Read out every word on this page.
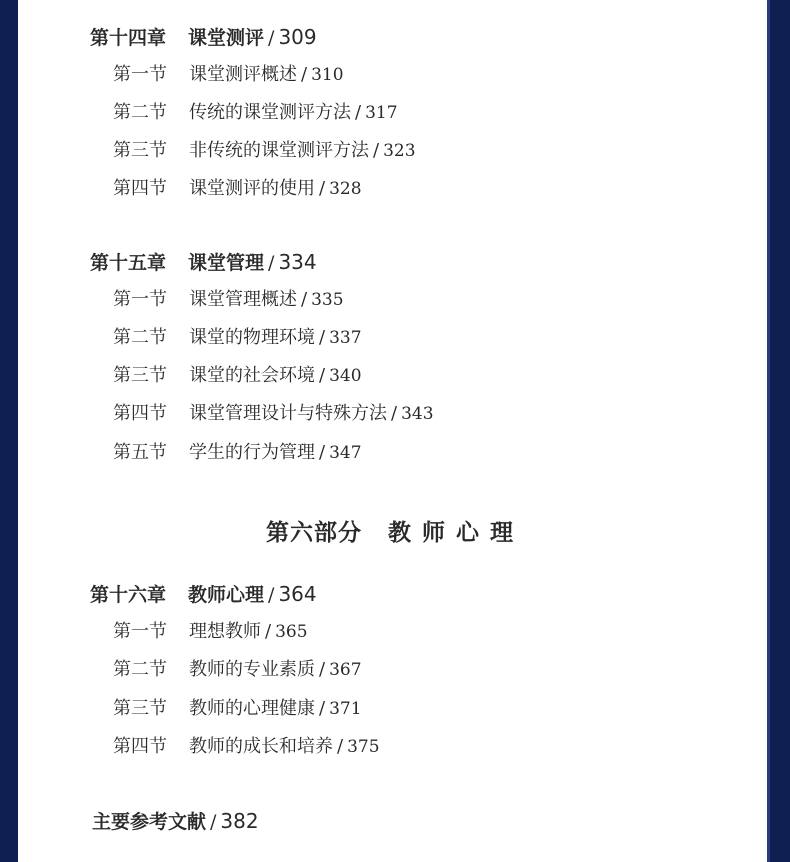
第十四章 课堂测评 / 309
第一节 课堂测评概述 / 310
第二节 传统的课堂测评方法 / 317
第三节 非传统的课堂测评方法 / 323
第四节 课堂测评的使用 / 328
第十五章 课堂管理 / 334
第一节 课堂管理概述 / 335
第二节 课堂的物理环境 / 337
第三节 课堂的社会环境 / 340
第四节 课堂管理设计与特殊方法 / 343
第五节 学生的行为管理 / 347
第六部分 教师心理
第十六章 教师心理 / 364
第一节 理想教师 / 365
第二节 教师的专业素质 / 367
第三节 教师的心理健康 / 371
第四节 教师的成长和培养 / 375
主要参考文献 / 382
